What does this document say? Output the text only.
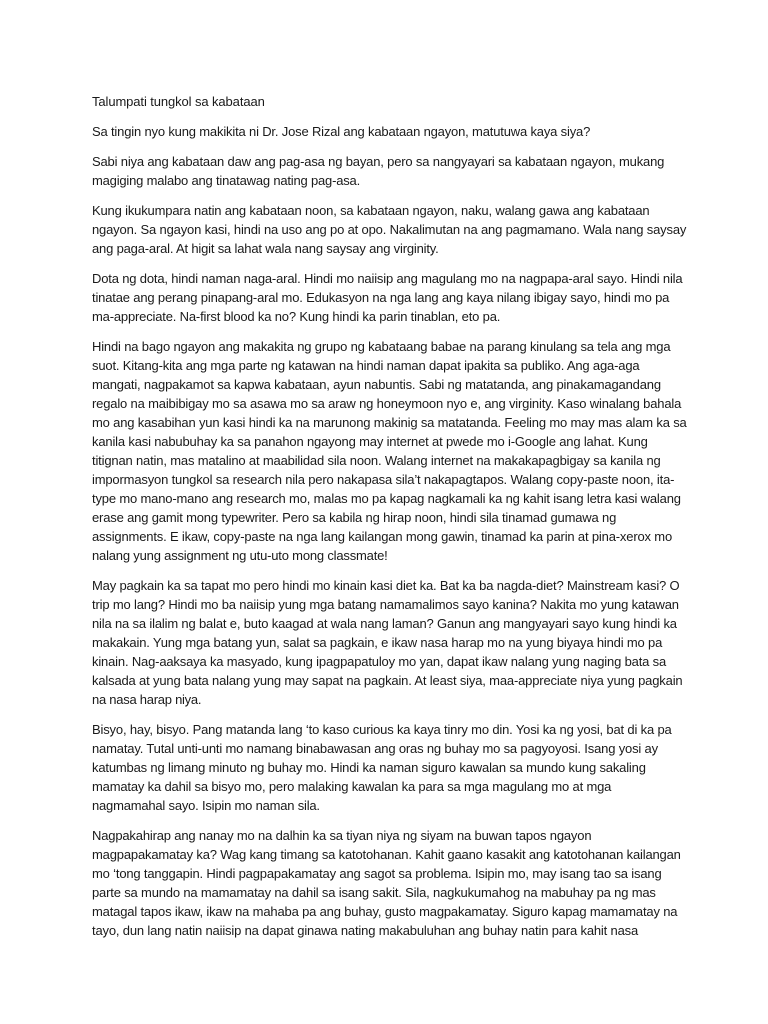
Talumpati tungkol sa kabataan
Sa tingin nyo kung makikita ni Dr. Jose Rizal ang kabataan ngayon, matutuwa kaya siya?
Sabi niya ang kabataan daw ang pag-asa ng bayan, pero sa nangyayari sa kabataan ngayon, mukang
magiging malabo ang tinatawag nating pag-asa.
Kung ikukumpara natin ang kabataan noon, sa kabataan ngayon, naku, walang gawa ang kabataan
ngayon. Sa ngayon kasi, hindi na uso ang po at opo. Nakalimutan na ang pagmamano. Wala nang saysay
ang paga-aral. At higit sa lahat wala nang saysay ang virginity.
Dota ng dota, hindi naman naga-aral. Hindi mo naiisip ang magulang mo na nagpapa-aral sayo. Hindi nila
tinatae ang perang pinapang-aral mo. Edukasyon na nga lang ang kaya nilang ibigay sayo, hindi mo pa
ma-appreciate. Na-first blood ka no? Kung hindi ka parin tinablan, eto pa.
Hindi na bago ngayon ang makakita ng grupo ng kabataang babae na parang kinulang sa tela ang mga
suot. Kitang-kita ang mga parte ng katawan na hindi naman dapat ipakita sa publiko. Ang aga-aga
mangati, nagpakamot sa kapwa kabataan, ayun nabuntis. Sabi ng matatanda, ang pinakamagandang
regalo na maibibigay mo sa asawa mo sa araw ng honeymoon nyo e, ang virginity. Kaso winalang bahala
mo ang kasabihan yun kasi hindi ka na marunong makinig sa matatanda. Feeling mo may mas alam ka sa
kanila kasi nabubuhay ka sa panahon ngayong may internet at pwede mo i-Google ang lahat. Kung
titignan natin, mas matalino at maabilidad sila noon. Walang internet na makakapagbigay sa kanila ng
impormasyon tungkol sa research nila pero nakapasa sila’t nakapagtapos. Walang copy-paste noon, ita-
type mo mano-mano ang research mo, malas mo pa kapag nagkamali ka ng kahit isang letra kasi walang
erase ang gamit mong typewriter. Pero sa kabila ng hirap noon, hindi sila tinamad gumawa ng
assignments. E ikaw, copy-paste na nga lang kailangan mong gawin, tinamad ka parin at pina-xerox mo
nalang yung assignment ng utu-uto mong classmate!
May pagkain ka sa tapat mo pero hindi mo kinain kasi diet ka. Bat ka ba nagda-diet? Mainstream kasi? O
trip mo lang? Hindi mo ba naiisip yung mga batang namamalimos sayo kanina? Nakita mo yung katawan
nila na sa ilalim ng balat e, buto kaagad at wala nang laman? Ganun ang mangyayari sayo kung hindi ka
makakain. Yung mga batang yun, salat sa pagkain, e ikaw nasa harap mo na yung biyaya hindi mo pa
kinain. Nag-aaksaya ka masyado, kung ipagpapatuloy mo yan, dapat ikaw nalang yung naging bata sa
kalsada at yung bata nalang yung may sapat na pagkain. At least siya, maa-appreciate niya yung pagkain
na nasa harap niya.
Bisyo, hay, bisyo. Pang matanda lang ‘to kaso curious ka kaya tinry mo din. Yosi ka ng yosi, bat di ka pa
namatay. Tutal unti-unti mo namang binabawasan ang oras ng buhay mo sa pagyoyosi. Isang yosi ay
katumbas ng limang minuto ng buhay mo. Hindi ka naman siguro kawalan sa mundo kung sakaling
mamatay ka dahil sa bisyo mo, pero malaking kawalan ka para sa mga magulang mo at mga
nagmamahal sayo. Isipin mo naman sila.
Nagpakahirap ang nanay mo na dalhin ka sa tiyan niya ng siyam na buwan tapos ngayon
magpapakamatay ka? Wag kang timang sa katotohanan. Kahit gaano kasakit ang katotohanan kailangan
mo ‘tong tanggapin. Hindi pagpapakamatay ang sagot sa problema. Isipin mo, may isang tao sa isang
parte sa mundo na mamamatay na dahil sa isang sakit. Sila, nagkukumahog na mabuhay pa ng mas
matagal tapos ikaw, ikaw na mahaba pa ang buhay, gusto magpakamatay. Siguro kapag mamamatay na
tayo, dun lang natin naiisip na dapat ginawa nating makabuluhan ang buhay natin para kahit nasa
